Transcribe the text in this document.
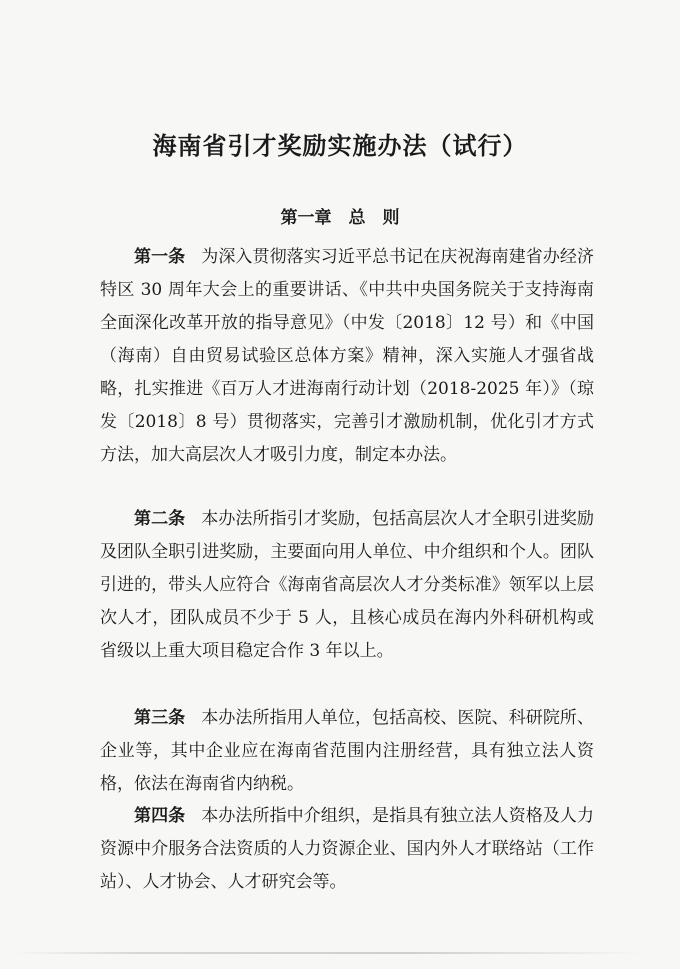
海南省引才奖励实施办法（试行）
第一章　总　则

第一条 为深入贯彻落实习近平总书记在庆祝海南建省办经济特区 30 周年大会上的重要讲话、《中共中央国务院关于支持海南全面深化改革开放的指导意见》（中发〔2018〕12 号）和《中国（海南）自由贸易试验区总体方案》精神，深入实施人才强省战略，扎实推进《百万人才进海南行动计划（2018-2025 年）》（琼发〔2018〕8 号）贯彻落实，完善引才激励机制，优化引才方式方法，加大高层次人才吸引力度，制定本办法。

第二条 本办法所指引才奖励，包括高层次人才全职引进奖励及团队全职引进奖励，主要面向用人单位、中介组织和个人。团队引进的，带头人应符合《海南省高层次人才分类标准》领军以上层次人才，团队成员不少于 5 人，且核心成员在海内外科研机构或省级以上重大项目稳定合作 3 年以上。

第三条 本办法所指用人单位，包括高校、医院、科研院所、企业等，其中企业应在海南省范围内注册经营，具有独立法人资格，依法在海南省内纳税。

第四条 本办法所指中介组织，是指具有独立法人资格及人力资源中介服务合法资质的人力资源企业、国内外人才联络站（工作站）、人才协会、人才研究会等。
